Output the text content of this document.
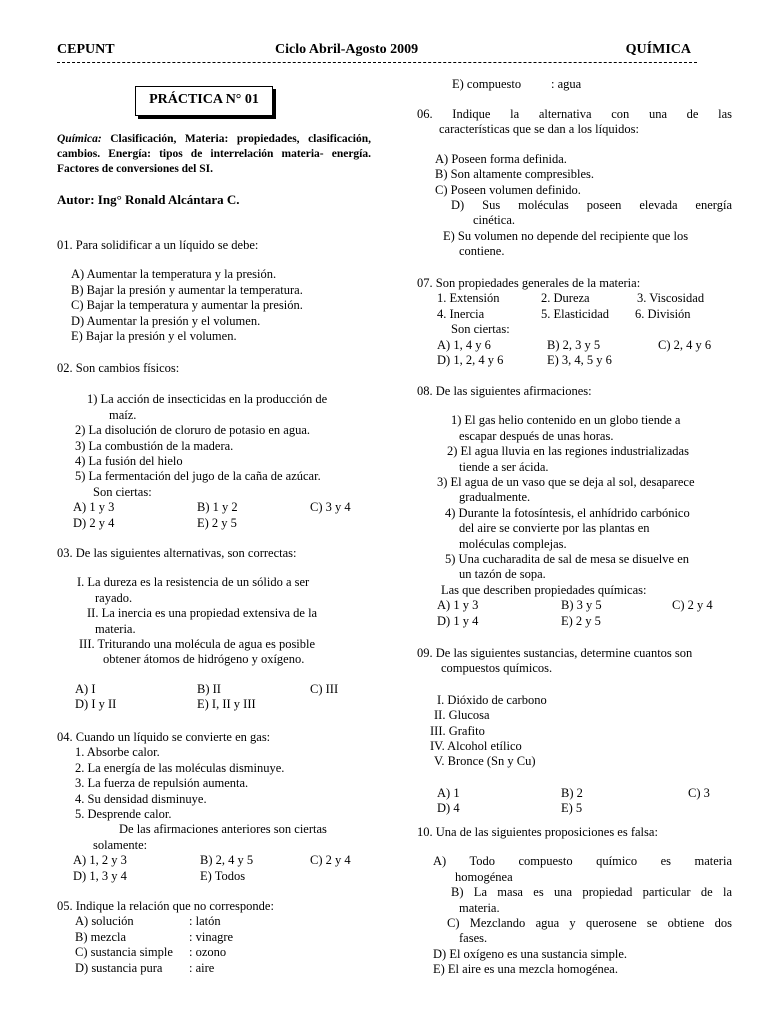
CEPUNT	Ciclo Abril-Agosto 2009	QUÍMICA
PRÁCTICA N° 01
Química: Clasificación, Materia: propiedades, clasificación, cambios. Energía: tipos de interrelación materia- energía. Factores de conversiones del SI.
Autor: Ing° Ronald Alcántara C.
01. Para solidificar a un líquido se debe:
A) Aumentar la temperatura y la presión.
B) Bajar la presión y aumentar la temperatura.
C) Bajar la temperatura y aumentar la presión.
D) Aumentar la presión y el volumen.
E) Bajar la presión y el volumen.
02. Son cambios físicos:
1) La acción de insecticidas en la producción de
maíz.
2) La disolución de cloruro de potasio en agua.
3) La combustión de la madera.
4) La fusión del hielo
5) La fermentación del jugo de la caña de azúcar.
Son ciertas:
A) 1 y 3	B) 1 y 2	C) 3 y 4
D) 2 y 4	E) 2 y 5
03. De las siguientes alternativas, son correctas:
I. La dureza es la resistencia de un sólido a ser
rayado.
II. La inercia es una propiedad extensiva de la
materia.
III. Triturando una molécula de agua es posible
obtener átomos de hidrógeno y oxígeno.
A) I	B) II	C) III
D) I y II	E) I, II y III
04. Cuando un líquido se convierte en gas:
1. Absorbe calor.
2. La energía de las moléculas disminuye.
3. La fuerza de repulsión aumenta.
4. Su densidad disminuye.
5. Desprende calor.
De las afirmaciones anteriores son ciertas
solamente:
A) 1, 2 y 3	B) 2, 4 y 5	C) 2 y 4
D) 1, 3 y 4	E) Todos
05. Indique la relación que no corresponde:
A) solución	: latón
B) mezcla	: vinagre
C) sustancia simple : ozono
D) sustancia pura : aire
E) compuesto : agua
06. Indique la alternativa con una de las
características que se dan a los líquidos:
A) Poseen forma definida.
B) Son altamente compresibles.
C) Poseen volumen definido.
D) Sus moléculas poseen elevada energía
cinética.
E) Su volumen no depende del recipiente que los
contiene.
07. Son propiedades generales de la materia:
1. Extensión	2. Dureza	3. Viscosidad
4. Inercia	5. Elasticidad 6. División
Son ciertas:
A) 1, 4 y 6	B) 2, 3 y 5	C) 2, 4 y 6
D) 1, 2, 4 y 6	E) 3, 4, 5 y 6
08. De las siguientes afirmaciones:
1) El gas helio contenido en un globo tiende a
escapar después de unas horas.
2) El agua lluvia en las regiones industrializadas
tiende a ser ácida.
3) El agua de un vaso que se deja al sol, desaparece
gradualmente.
4) Durante la fotosíntesis, el anhídrido carbónico
del aire se convierte por las plantas en
moléculas complejas.
5) Una cucharadita de sal de mesa se disuelve en
un tazón de sopa.
Las que describen propiedades químicas:
A) 1 y 3	B) 3 y 5	C) 2 y 4
D) 1 y 4	E) 2 y 5
09. De las siguientes sustancias, determine cuantos son
compuestos químicos.
I. Dióxido de carbono
II. Glucosa
III. Grafito
IV. Alcohol etílico
V. Bronce (Sn y Cu)
A) 1	B) 2	C) 3
D) 4	E) 5
10. Una de las siguientes proposiciones es falsa:
A) Todo compuesto químico es materia
homogénea
B) La masa es una propiedad particular de la
materia.
C) Mezclando agua y querosene se obtiene dos
fases.
D) El oxígeno es una sustancia simple.
E) El aire es una mezcla homogénea.
